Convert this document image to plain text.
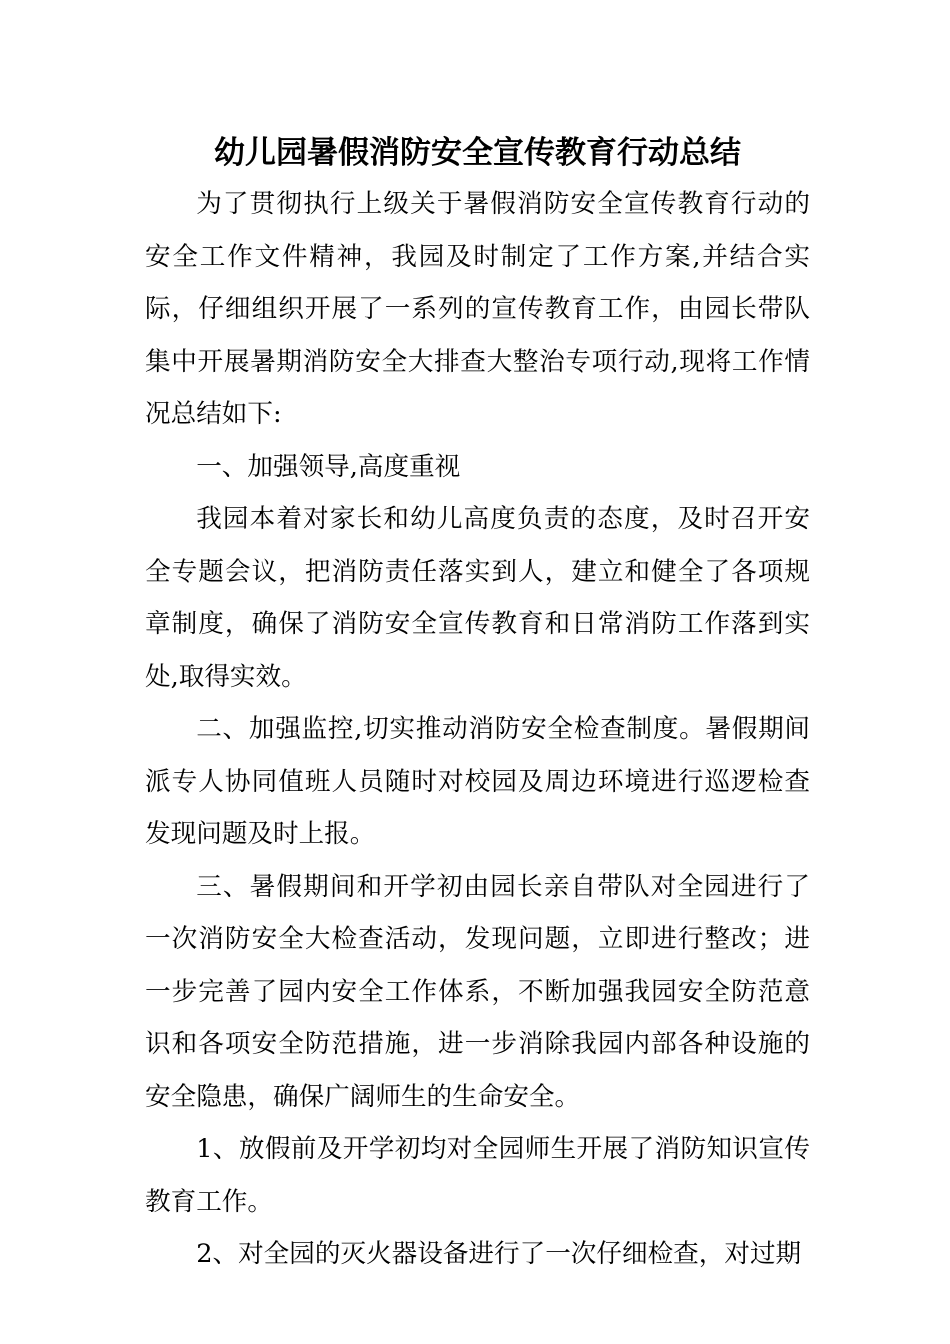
幼儿园暑假消防安全宣传教育行动总结

为了贯彻执行上级关于暑假消防安全宣传教育行动的安全工作文件精神，我园及时制定了工作方案,并结合实际，仔细组织开展了一系列的宣传教育工作，由园长带队集中开展暑期消防安全大排查大整治专项行动,现将工作情况总结如下:

一、加强领导,高度重视

我园本着对家长和幼儿高度负责的态度，及时召开安全专题会议，把消防责任落实到人，建立和健全了各项规章制度，确保了消防安全宣传教育和日常消防工作落到实处,取得实效。

二、加强监控,切实推动消防安全检查制度。暑假期间派专人协同值班人员随时对校园及周边环境进行巡逻检查发现问题及时上报。

三、暑假期间和开学初由园长亲自带队对全园进行了一次消防安全大检查活动，发现问题，立即进行整改；进一步完善了园内安全工作体系，不断加强我园安全防范意识和各项安全防范措施，进一步消除我园内部各种设施的安全隐患，确保广阔师生的生命安全。

1、放假前及开学初均对全园师生开展了消防知识宣传教育工作。

2、对全园的灭火器设备进行了一次仔细检查，对过期
